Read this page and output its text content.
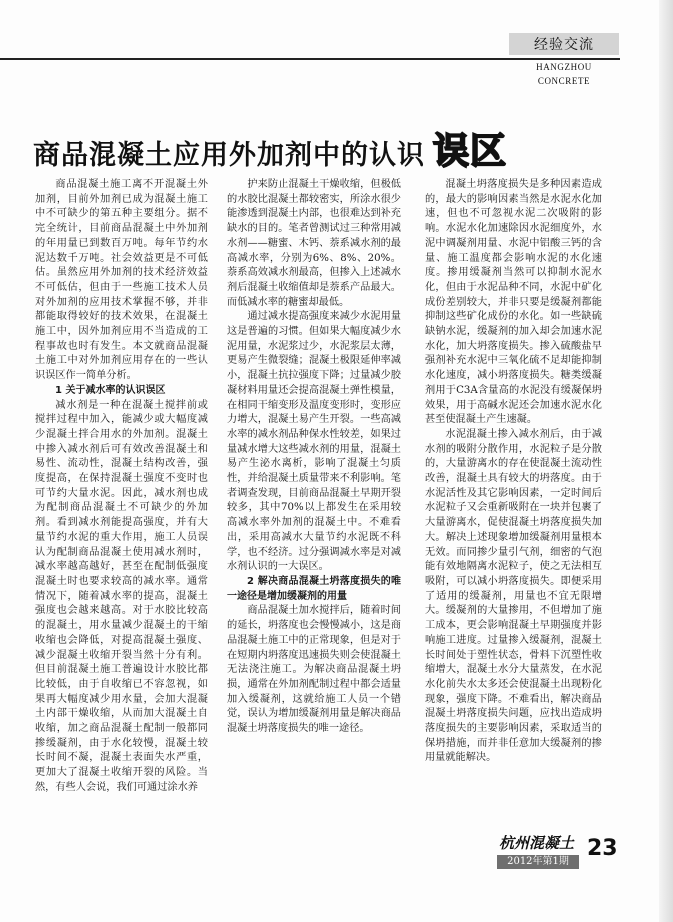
经验交流
HANGZHOU CONCRETE
商品混凝土应用外加剂中的认识 误区

商品混凝土施工离不开混凝土外加剂，目前外加剂已成为混凝土施工中不可缺少的第五种主要组分。据不完全统计，目前商品混凝土中外加剂的年用量已到数百万吨。每年节约水泥达数千万吨。社会效益更是不可低估。虽然应用外加剂的技术经济效益不可低估，但由于一些施工技术人员对外加剂的应用技术掌握不够，并非都能取得较好的技术效果，在混凝土施工中，因外加剂应用不当造成的工程事故也时有发生。本文就商品混凝土施工中对外加剂应用存在的一些认识误区作一简单分析。

1 关于减水率的认识误区

减水剂是一种在混凝土搅拌前或搅拌过程中加入，能减少或大幅度减少混凝土拌合用水的外加剂。混凝土中掺入减水剂后可有效改善混凝土和易性、流动性，混凝土结构改善，强度提高，在保持混凝土强度不变时也可节约大量水泥。因此，减水剂也成为配制商品混凝土不可缺少的外加剂。看到减水剂能提高强度，并有大量节约水泥的重大作用，施工人员误认为配制商品混凝土使用减水剂时，减水率越高越好，甚至在配制低强度混凝土时也要求较高的减水率。通常情况下，随着减水率的提高，混凝土强度也会越来越高。对于水胶比较高的混凝土，用水量减少混凝土的干缩收缩也会降低，对提高混凝土强度、减少混凝土收缩开裂当然十分有利。但目前混凝土施工普遍设计水胶比都比较低，由于自收缩已不容忽视，如果再大幅度减少用水量，会加大混凝土内部干燥收缩，从而加大混凝土自收缩，加之商品混凝土配制一般都同掺缓凝剂，由于水化较慢，混凝土较长时间不凝，混凝土表面失水严重，更加大了混凝土收缩开裂的风险。当然，有些人会说，我们可通过涂水养

护来防止混凝土干燥收缩，但极低的水胶比混凝土都较密实，所涂水很少能渗透到混凝土内部，也很难达到补充缺水的目的。笔者曾测试过三种常用减水剂——糖蜜、木钙、萘系减水剂的最高减水率，分别为6%、8%、20%。萘系高效减水剂最高，但掺入上述减水剂后混凝土收缩值却是萘系产品最大。而低减水率的糖蜜却最低。

通过减水提高强度来减少水泥用量这是普遍的习惯。但如果大幅度减少水泥用量，水泥浆过少，水泥浆层太薄，更易产生微裂缝；混凝土极限延伸率减小，混凝土抗拉强度下降；过量减少胶凝材料用量还会提高混凝土弹性模量，在相同干缩变形及温度变形时，变形应力增大，混凝土易产生开裂。一些高减水率的减水剂品种保水性较差，如果过量减水增大这些减水剂的用量，混凝土易产生泌水离析，影响了混凝土匀质性，并给混凝土质量带来不利影响。笔者调查发现，目前商品混凝土早期开裂较多，其中70%以上都发生在采用较高减水率外加剂的混凝土中。不难看出，采用高减水大量节约水泥既不科学，也不经济。过分强调减水率是对减水剂认识的一大误区。

2 解决商品混凝土坍落度损失的唯一途径是增加缓凝剂的用量

商品混凝土加水搅拌后，随着时间的延长，坍落度也会慢慢减小，这是商品混凝土施工中的正常现象，但是对于在短期内坍落度迅速损失则会使混凝土无法浇注施工。为解决商品混凝土坍损，通常在外加剂配制过程中都会适量加入缓凝剂，这就给施工人员一个错觉，误认为增加缓凝剂用量是解决商品混凝土坍落度损失的唯一途径。

混凝土坍落度损失是多种因素造成的，最大的影响因素当然是水泥水化加速，但也不可忽视水泥二次吸附的影响。水泥水化加速除因水泥细度外，水泥中调凝剂用量、水泥中铝酸三钙的含量、施工温度都会影响水泥的水化速度。掺用缓凝剂当然可以抑制水泥水化，但由于水泥品种不同，水泥中矿化成份差别较大，并非只要是缓凝剂都能抑制这些矿化成份的水化。如一些缺硫缺钠水泥，缓凝剂的加入却会加速水泥水化，加大坍落度损失。掺入硫酸盐早强剂补充水泥中三氧化硫不足却能抑制水化速度，减小坍落度损失。糖类缓凝剂用于C3A含量高的水泥没有缓凝保坍效果，用于高碱水泥还会加速水泥水化甚至使混凝土产生速凝。

水泥混凝土掺入减水剂后，由于减水剂的吸附分散作用，水泥粒子是分散的，大量游离水的存在使混凝土流动性改善，混凝土具有较大的坍落度。由于水泥活性及其它影响因素，一定时间后水泥粒子又会重新吸附在一块并包裹了大量游离水，促使混凝土坍落度损失加大。解决上述现象增加缓凝剂用量根本无效。而同掺少量引气剂，细密的气泡能有效地隔离水泥粒子，使之无法相互吸附，可以减小坍落度损失。即便采用了适用的缓凝剂，用量也不宜无限增大。缓凝剂的大量掺用，不但增加了施工成本，更会影响混凝土早期强度并影响施工进度。过量掺入缓凝剂，混凝土长时间处于塑性状态，骨料下沉塑性收缩增大，混凝土水分大量蒸发，在水泥水化前失水太多还会使混凝土出现粉化现象，强度下降。不难看出，解决商品混凝土坍落度损失问题，应找出造成坍落度损失的主要影响因素，采取适当的保坍措施，而并非任意加大缓凝剂的掺用量就能解决。

杭州混凝土
2012年第1期
23
